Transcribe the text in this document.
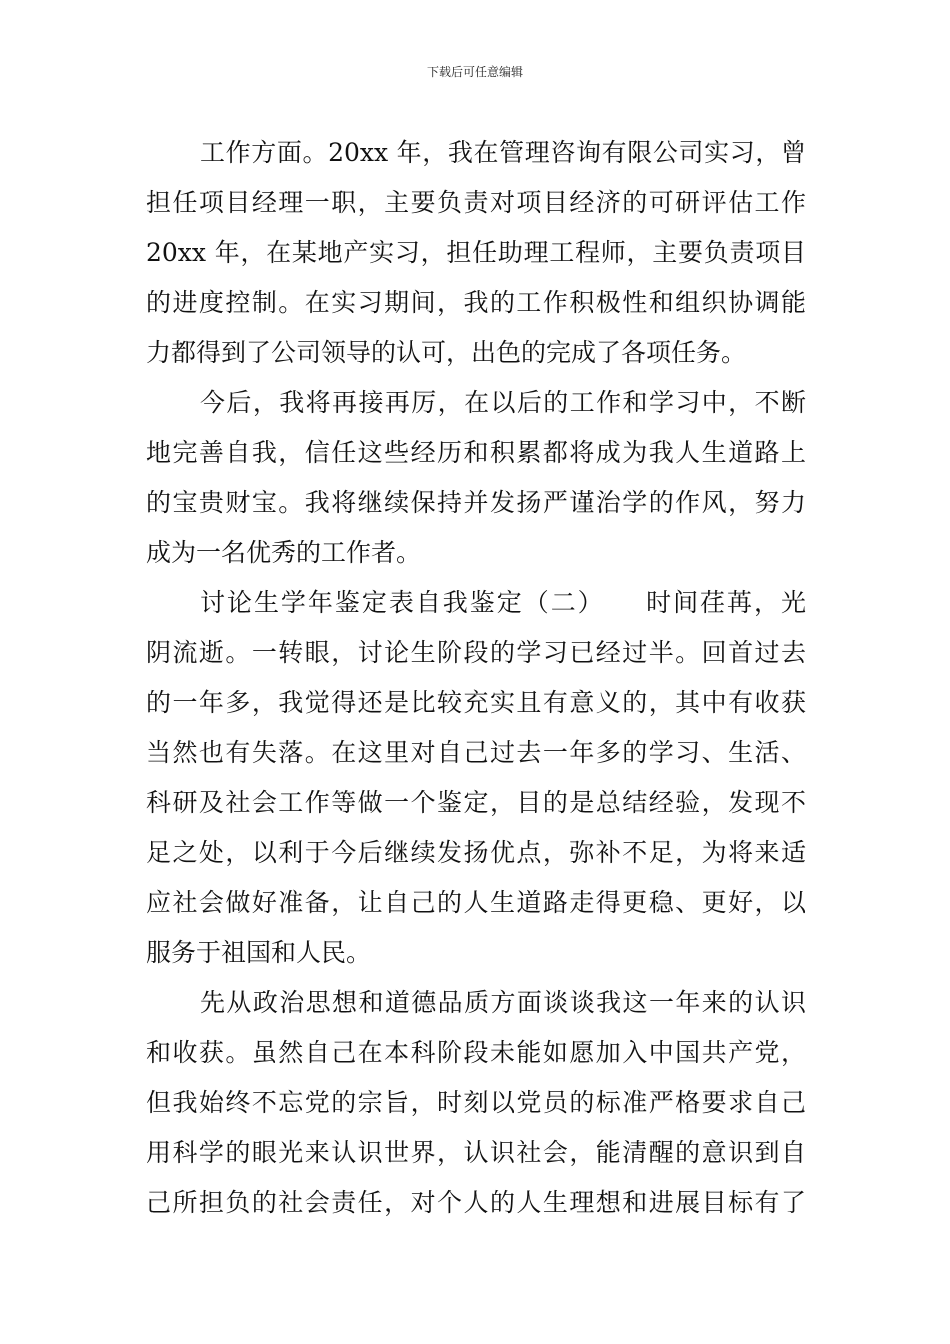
下载后可任意编辑
工作方面。20xx 年，我在管理咨询有限公司实习，曾
担任项目经理一职，主要负责对项目经济的可研评估工作
20xx 年，在某地产实习，担任助理工程师，主要负责项目
的进度控制。在实习期间，我的工作积极性和组织协调能
力都得到了公司领导的认可，出色的完成了各项任务。
今后，我将再接再厉，在以后的工作和学习中，不断
地完善自我，信任这些经历和积累都将成为我人生道路上
的宝贵财宝。我将继续保持并发扬严谨治学的作风，努力
成为一名优秀的工作者。
讨论生学年鉴定表自我鉴定（二）　　时间荏苒，光
阴流逝。一转眼，讨论生阶段的学习已经过半。回首过去
的一年多，我觉得还是比较充实且有意义的，其中有收获
当然也有失落。在这里对自己过去一年多的学习、生活、
科研及社会工作等做一个鉴定，目的是总结经验，发现不
足之处，以利于今后继续发扬优点，弥补不足，为将来适
应社会做好准备，让自己的人生道路走得更稳、更好，以
服务于祖国和人民。
先从政治思想和道德品质方面谈谈我这一年来的认识
和收获。虽然自己在本科阶段未能如愿加入中国共产党，
但我始终不忘党的宗旨，时刻以党员的标准严格要求自己
用科学的眼光来认识世界，认识社会，能清醒的意识到自
己所担负的社会责任，对个人的人生理想和进展目标有了
